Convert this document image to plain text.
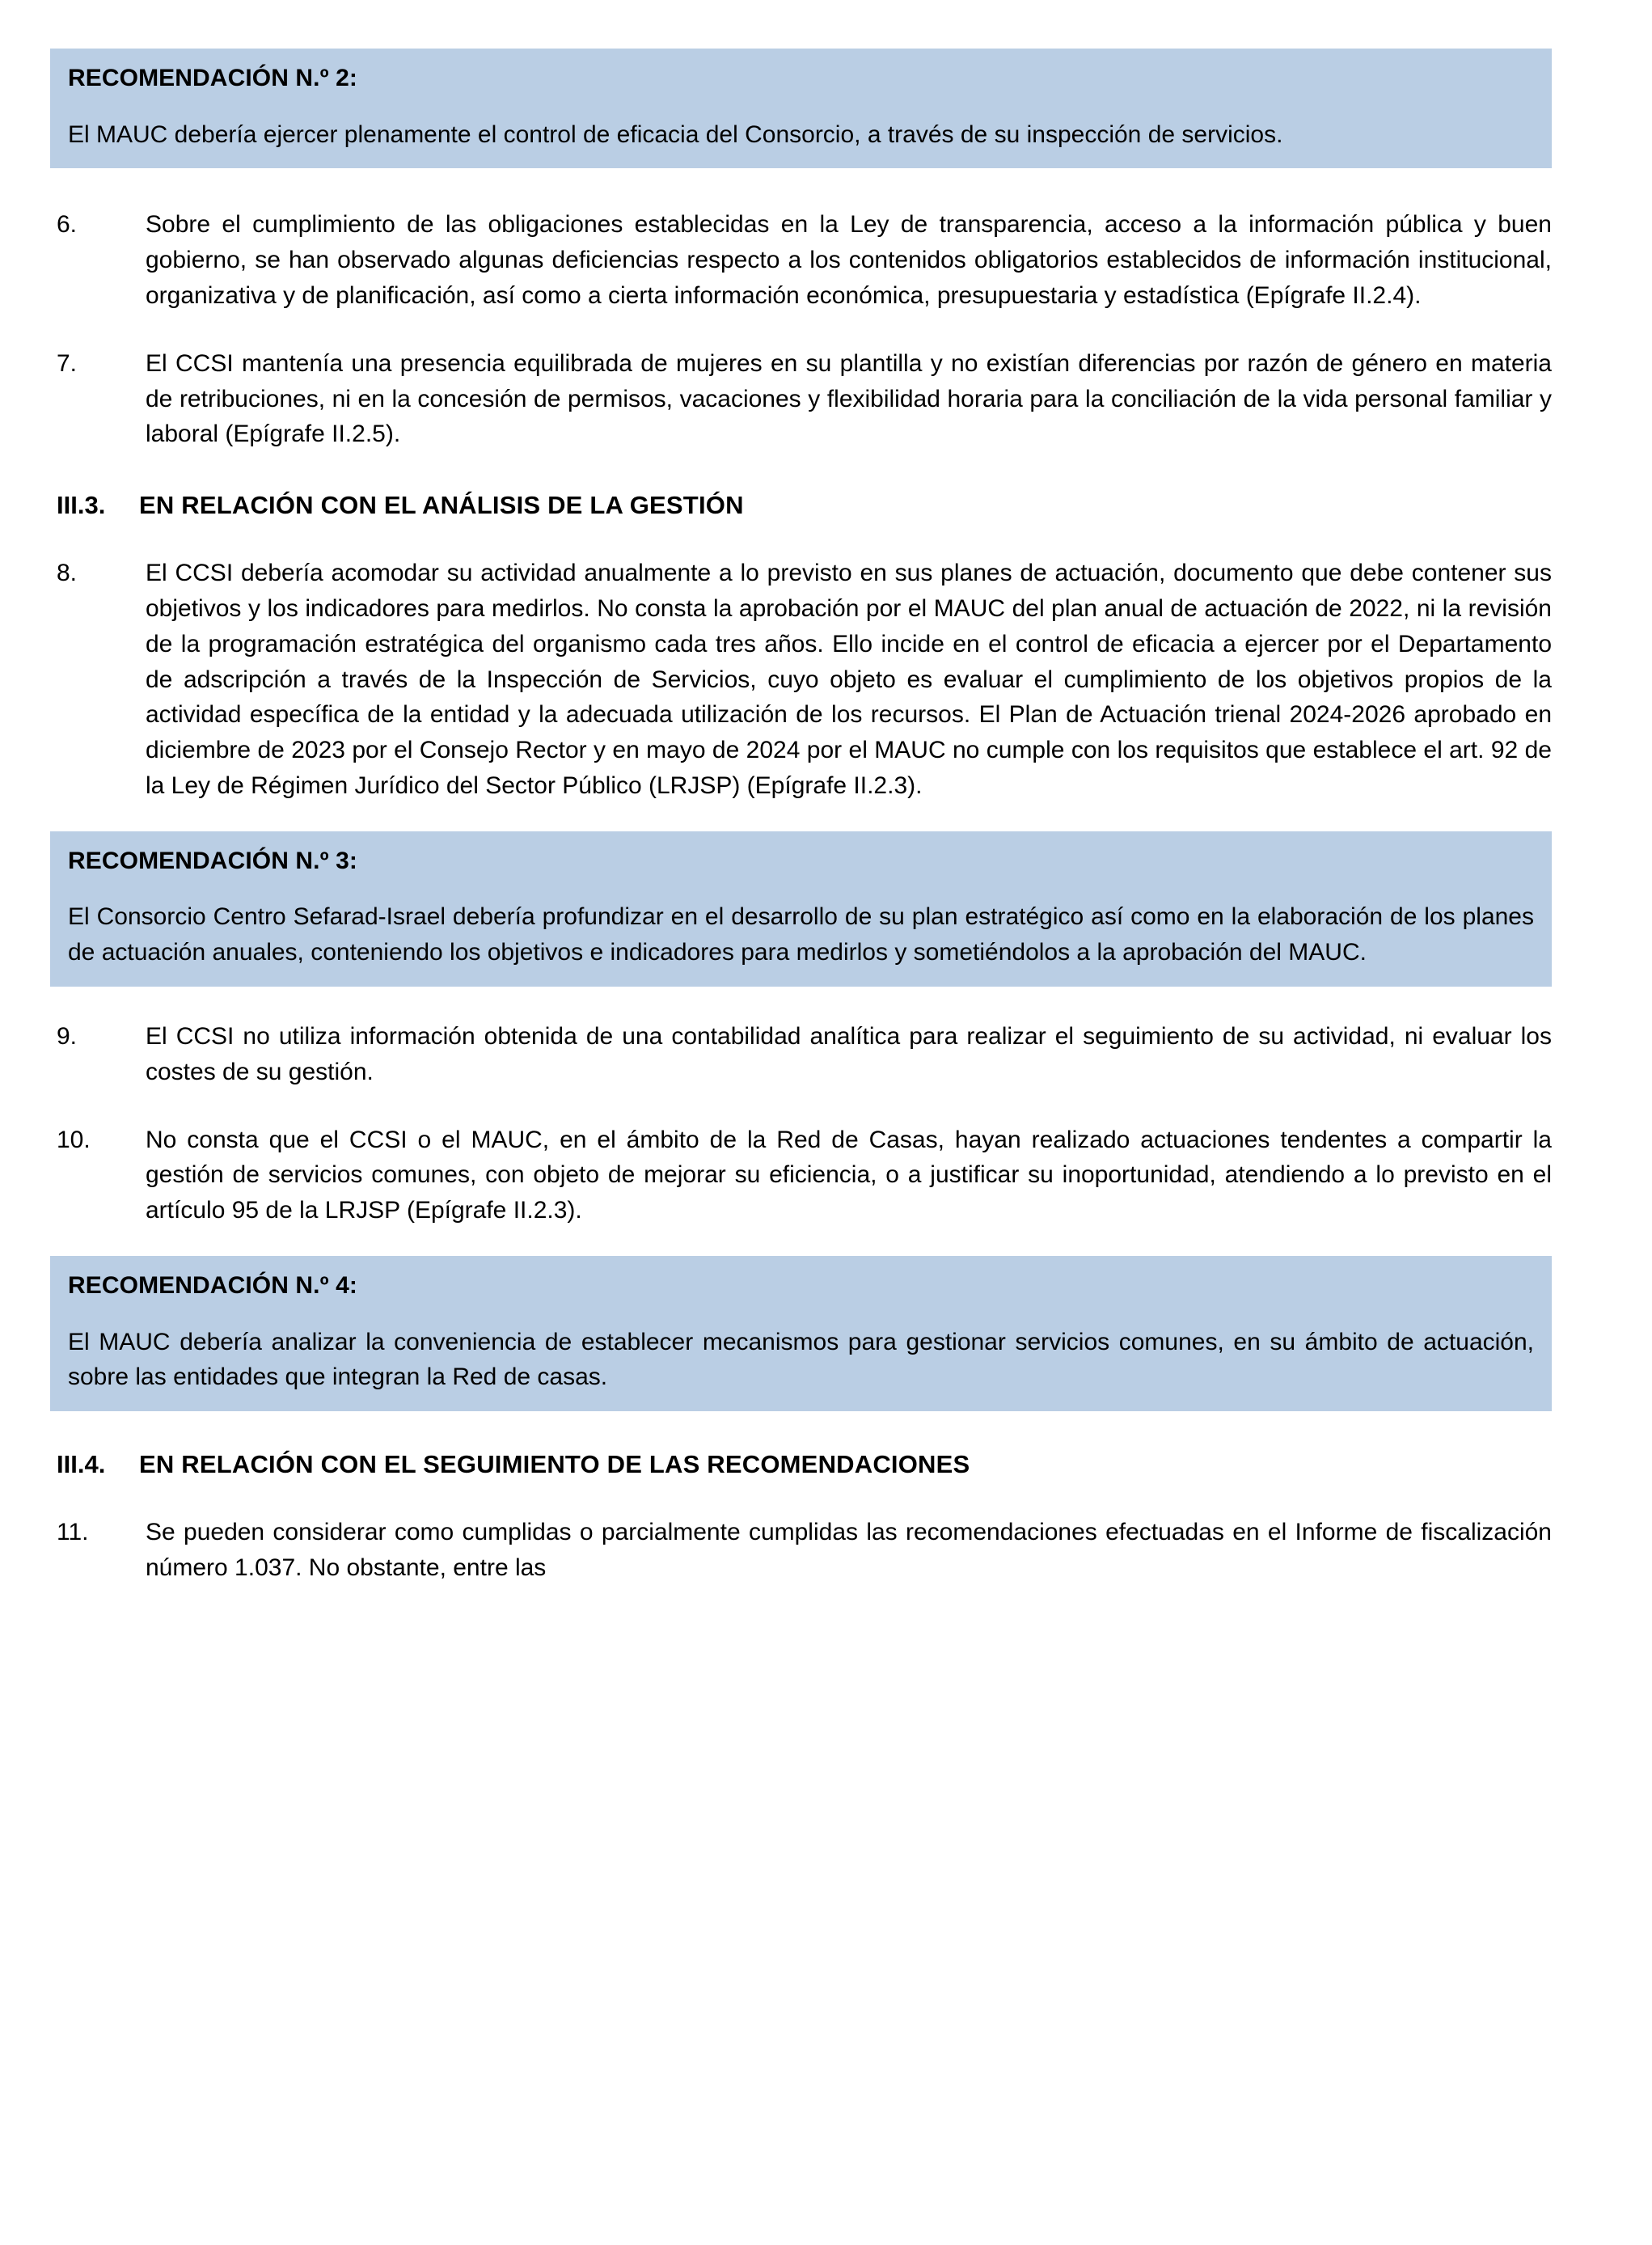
RECOMENDACIÓN N.º 2:
El MAUC debería ejercer plenamente el control de eficacia del Consorcio, a través de su inspección de servicios.
6.	Sobre el cumplimiento de las obligaciones establecidas en la Ley de transparencia, acceso a la información pública y buen gobierno, se han observado algunas deficiencias respecto a los contenidos obligatorios establecidos de información institucional, organizativa y de planificación, así como a cierta información económica, presupuestaria y estadística (Epígrafe II.2.4).
7.	El CCSI mantenía una presencia equilibrada de mujeres en su plantilla y no existían diferencias por razón de género en materia de retribuciones, ni en la concesión de permisos, vacaciones y flexibilidad horaria para la conciliación de la vida personal familiar y laboral (Epígrafe II.2.5).
III.3.	EN RELACIÓN CON EL ANÁLISIS DE LA GESTIÓN
8.	El CCSI debería acomodar su actividad anualmente a lo previsto en sus planes de actuación, documento que debe contener sus objetivos y los indicadores para medirlos. No consta la aprobación por el MAUC del plan anual de actuación de 2022, ni la revisión de la programación estratégica del organismo cada tres años. Ello incide en el control de eficacia a ejercer por el Departamento de adscripción a través de la Inspección de Servicios, cuyo objeto es evaluar el cumplimiento de los objetivos propios de la actividad específica de la entidad y la adecuada utilización de los recursos. El Plan de Actuación trienal 2024-2026 aprobado en diciembre de 2023 por el Consejo Rector y en mayo de 2024 por el MAUC no cumple con los requisitos que establece el art. 92 de la Ley de Régimen Jurídico del Sector Público (LRJSP) (Epígrafe II.2.3).
RECOMENDACIÓN N.º 3:
El Consorcio Centro Sefarad-Israel debería profundizar en el desarrollo de su plan estratégico así como en la elaboración de los planes de actuación anuales, conteniendo los objetivos e indicadores para medirlos y sometiéndolos a la aprobación del MAUC.
9.	El CCSI no utiliza información obtenida de una contabilidad analítica para realizar el seguimiento de su actividad, ni evaluar los costes de su gestión.
10.	No consta que el CCSI o el MAUC, en el ámbito de la Red de Casas, hayan realizado actuaciones tendentes a compartir la gestión de servicios comunes, con objeto de mejorar su eficiencia, o a justificar su inoportunidad, atendiendo a lo previsto en el artículo 95 de la LRJSP (Epígrafe II.2.3).
RECOMENDACIÓN N.º 4:
El MAUC debería analizar la conveniencia de establecer mecanismos para gestionar servicios comunes, en su ámbito de actuación, sobre las entidades que integran la Red de casas.
III.4.	EN RELACIÓN CON EL SEGUIMIENTO DE LAS RECOMENDACIONES
11.	Se pueden considerar como cumplidas o parcialmente cumplidas las recomendaciones efectuadas en el Informe de fiscalización número 1.037. No obstante, entre las
